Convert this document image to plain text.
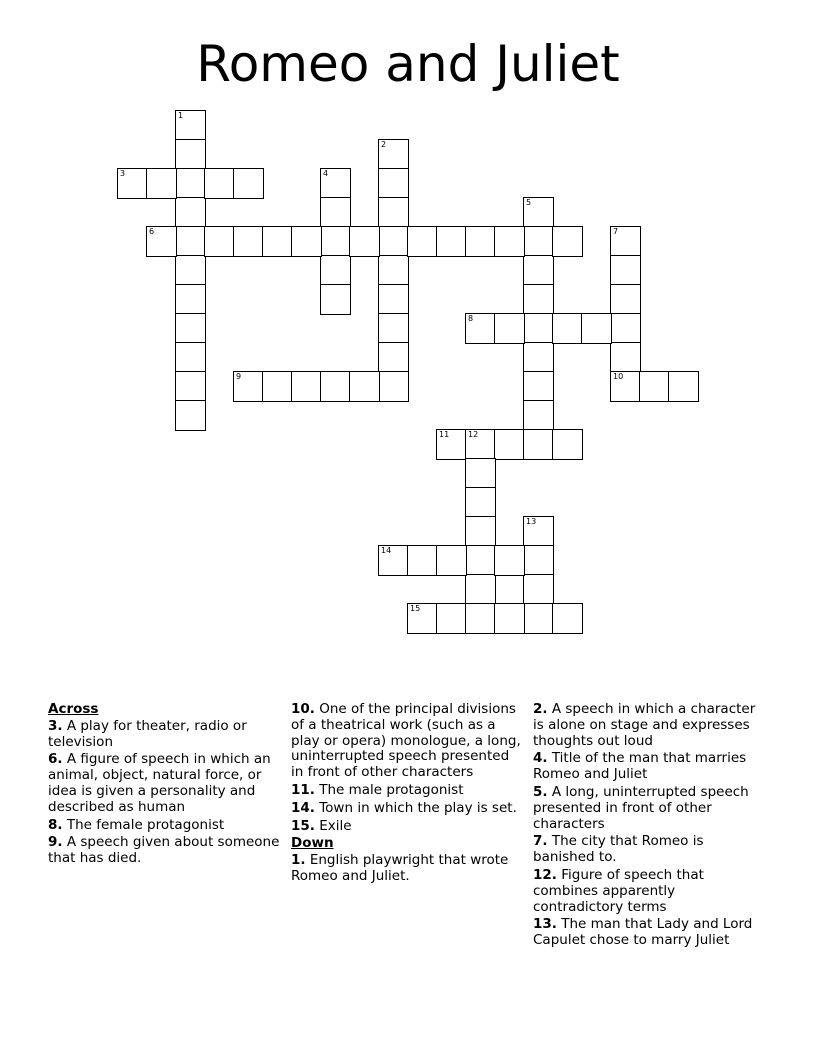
Romeo and Juliet
1
2
3	4
5
6	7
10
8
9
11 12
13
14
15
Across
3. A play for theater, radio or television
6. A figure of speech in which an animal, object, natural force, or idea is given a personality and described as human
8. The female protagonist
9. A speech given about someone that has died.
10. One of the principal divisions of a theatrical work (such as a play or opera) monologue, a long, uninterrupted speech presented in front of other characters
11. The male protagonist
14. Town in which the play is set.
15. Exile
Down
1. English playwright that wrote Romeo and Juliet.
2. A speech in which a character is alone on stage and expresses thoughts out loud
4. Title of the man that marries Romeo and Juliet
5. A long, uninterrupted speech presented in front of other characters
7. The city that Romeo is banished to.
12. Figure of speech that combines apparently contradictory terms
13. The man that Lady and Lord Capulet chose to marry Juliet
